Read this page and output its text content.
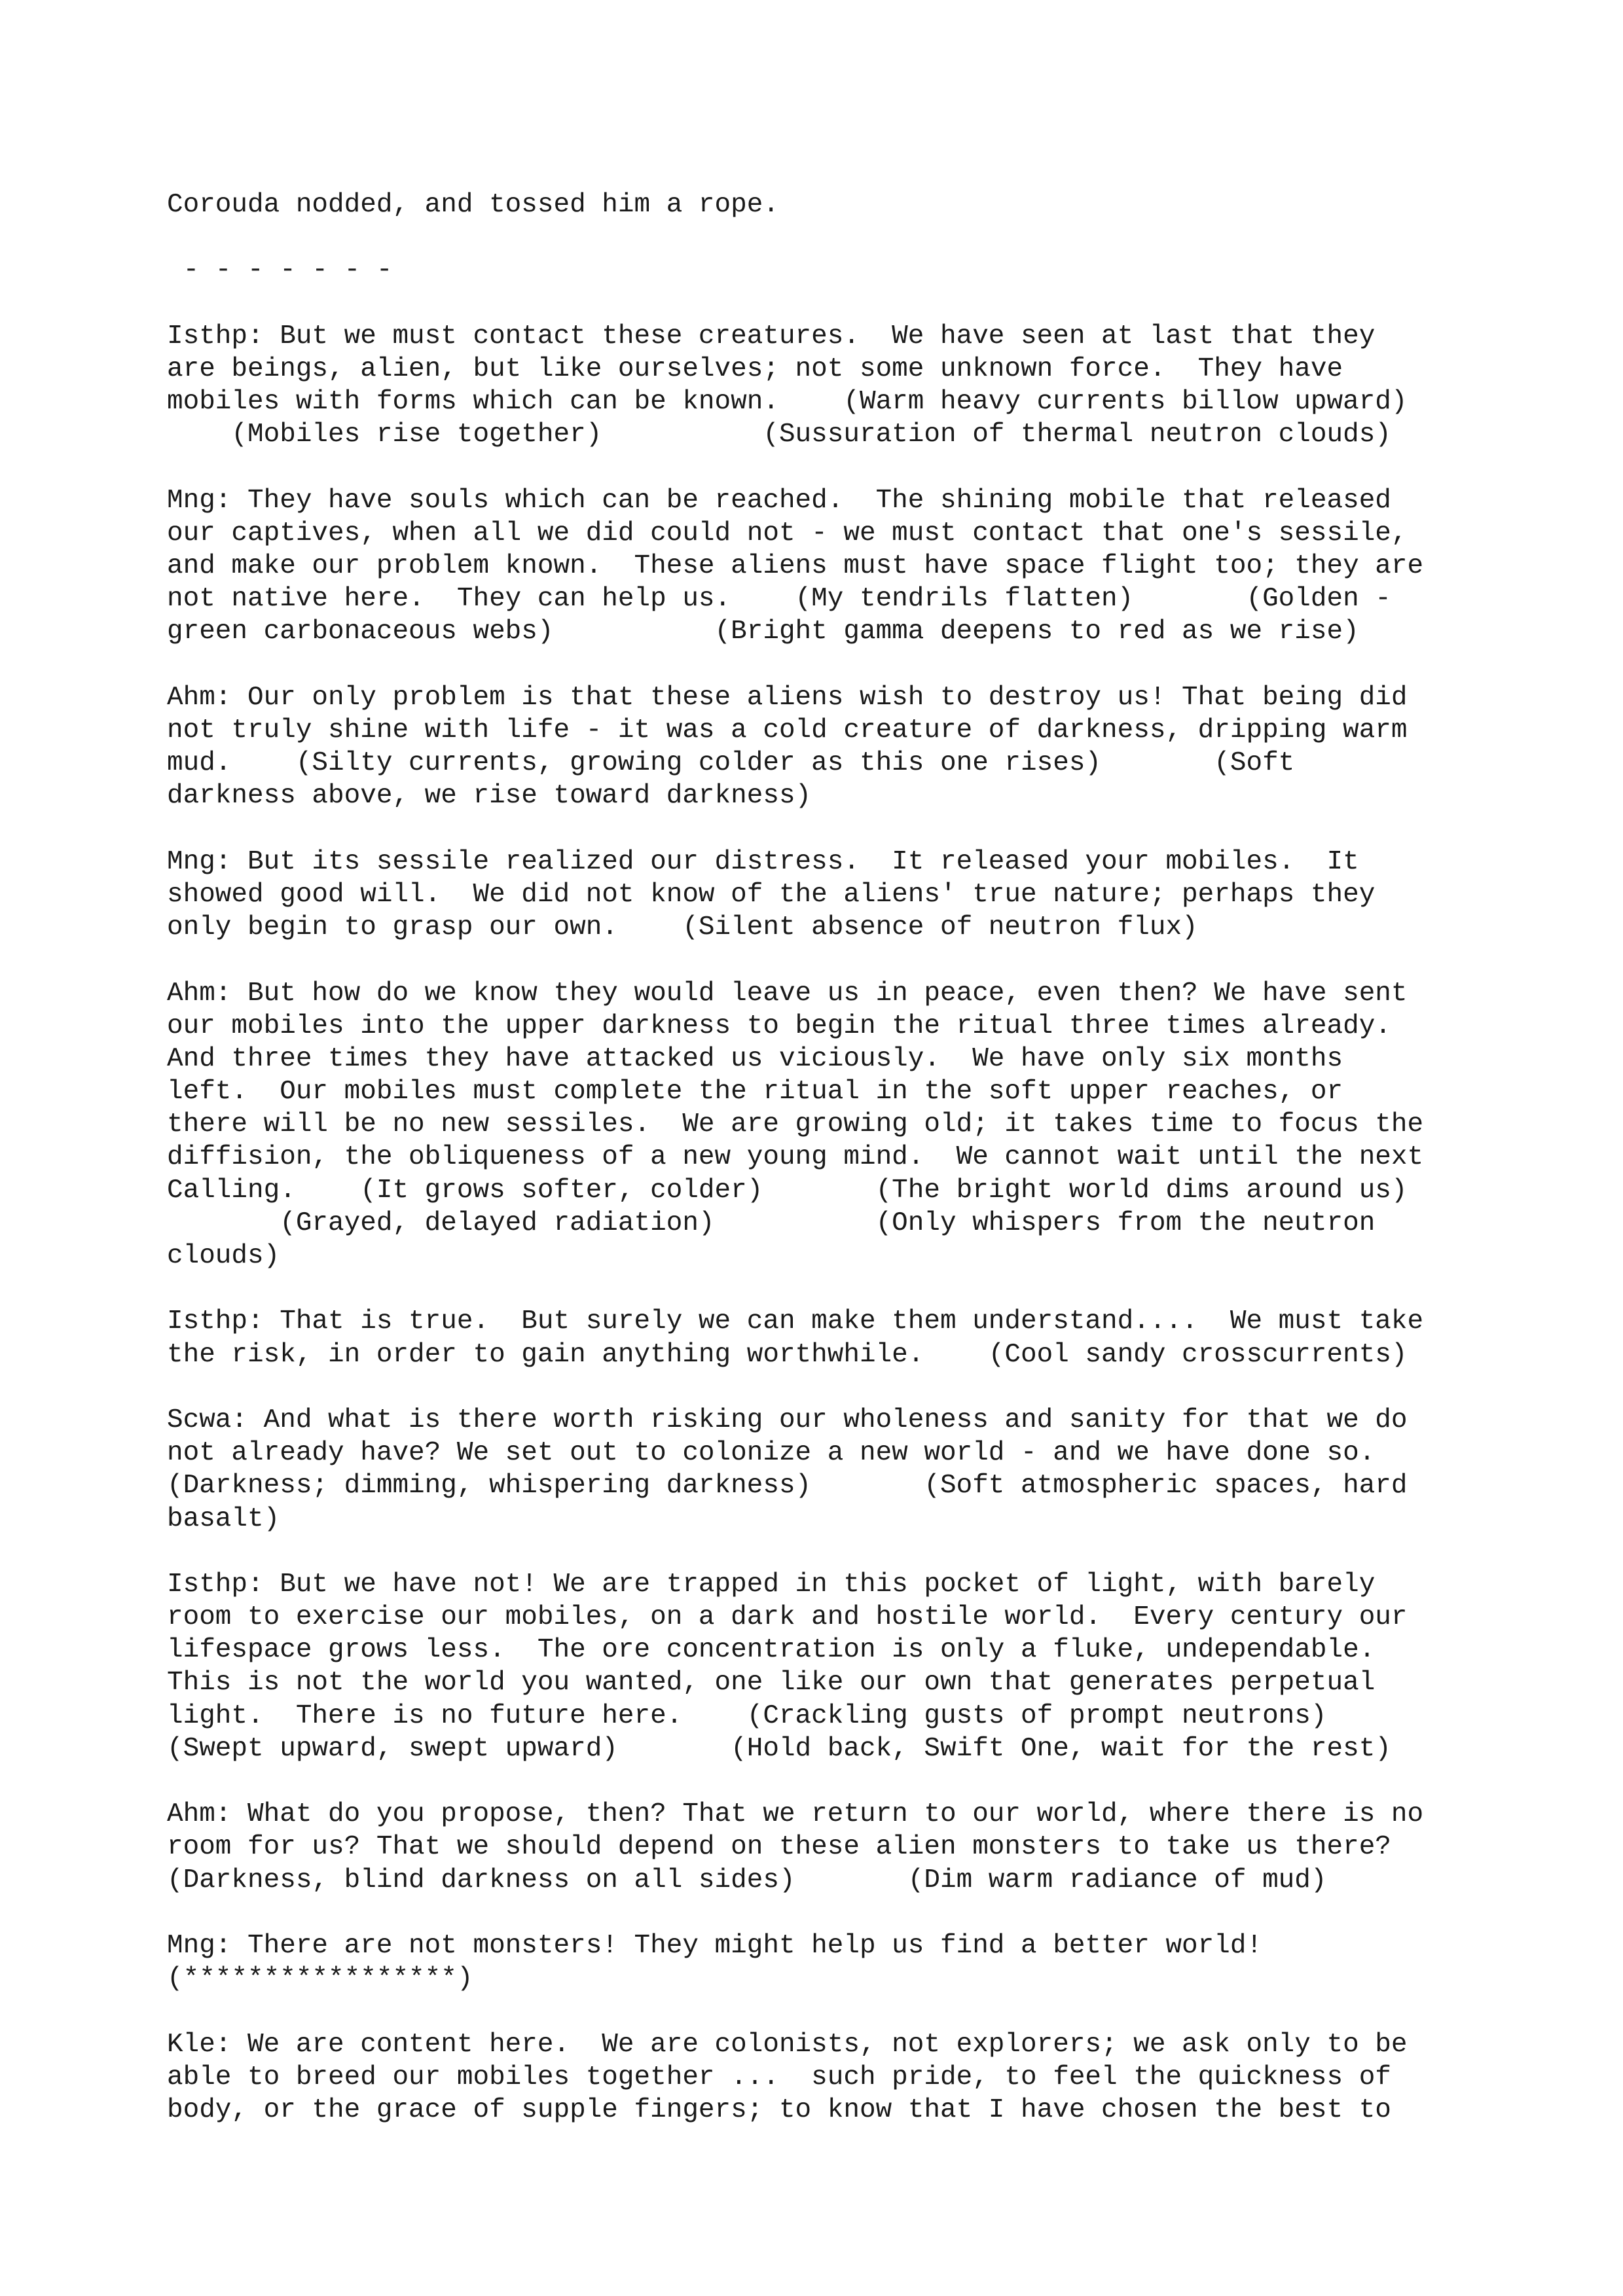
Corouda nodded, and tossed him a rope.
- - - - - - -
Isthp: But we must contact these creatures.  We have seen at last that they
are beings, alien, but like ourselves; not some unknown force.  They have
mobiles with forms which can be known.    (Warm heavy currents billow upward)
(Mobiles rise together)          (Sussuration of thermal neutron clouds)
Mng: They have souls which can be reached.  The shining mobile that released
our captives, when all we did could not - we must contact that one's sessile,
and make our problem known.  These aliens must have space flight too; they are
not native here.  They can help us.    (My tendrils flatten)       (Golden -
green carbonaceous webs)          (Bright gamma deepens to red as we rise)
Ahm: Our only problem is that these aliens wish to destroy us! That being did
not truly shine with life - it was a cold creature of darkness, dripping warm
mud.    (Silty currents, growing colder as this one rises)       (Soft
darkness above, we rise toward darkness)
Mng: But its sessile realized our distress.  It released your mobiles.  It
showed good will.  We did not know of the aliens' true nature; perhaps they
only begin to grasp our own.    (Silent absence of neutron flux)
Ahm: But how do we know they would leave us in peace, even then? We have sent
our mobiles into the upper darkness to begin the ritual three times already.
And three times they have attacked us viciously.  We have only six months
left.  Our mobiles must complete the ritual in the soft upper reaches, or
there will be no new sessiles.  We are growing old; it takes time to focus the
diffision, the obliqueness of a new young mind.  We cannot wait until the next
Calling.    (It grows softer, colder)       (The bright world dims around us)
(Grayed, delayed radiation)          (Only whispers from the neutron
clouds)
Isthp: That is true.  But surely we can make them understand....  We must take
the risk, in order to gain anything worthwhile.    (Cool sandy crosscurrents)
Scwa: And what is there worth risking our wholeness and sanity for that we do
not already have? We set out to colonize a new world - and we have done so.
(Darkness; dimming, whispering darkness)       (Soft atmospheric spaces, hard
basalt)
Isthp: But we have not! We are trapped in this pocket of light, with barely
room to exercise our mobiles, on a dark and hostile world.  Every century our
lifespace grows less.  The ore concentration is only a fluke, undependable.
This is not the world you wanted, one like our own that generates perpetual
light.  There is no future here.    (Crackling gusts of prompt neutrons)
(Swept upward, swept upward)       (Hold back, Swift One, wait for the rest)
Ahm: What do you propose, then? That we return to our world, where there is no
room for us? That we should depend on these alien monsters to take us there?
(Darkness, blind darkness on all sides)       (Dim warm radiance of mud)
Mng: There are not monsters! They might help us find a better world!
(*****************)
Kle: We are content here.  We are colonists, not explorers; we ask only to be
able to breed our mobiles together ...  such pride, to feel the quickness of
body, or the grace of supple fingers; to know that I have chosen the best to
